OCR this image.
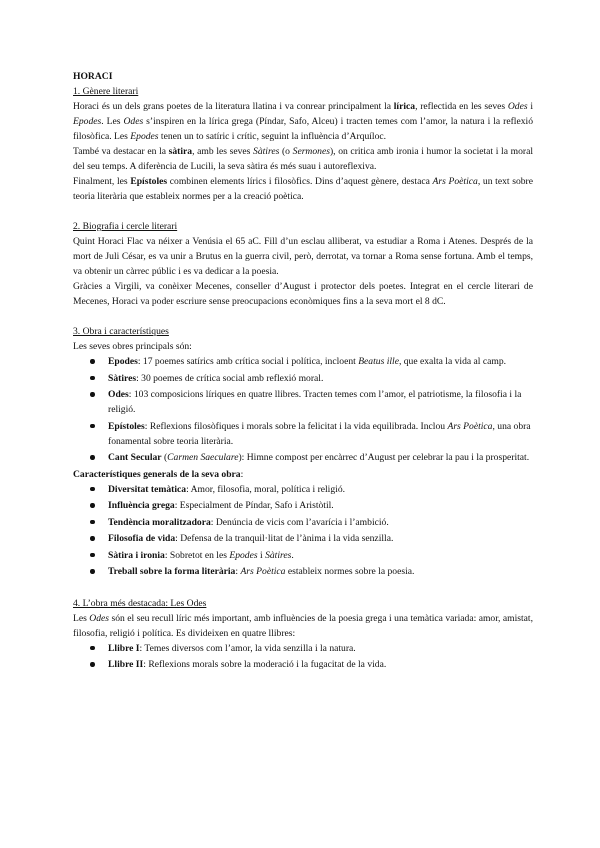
HORACI
1. Gènere literari

Horaci és un dels grans poetes de la literatura llatina i va conrear principalment la lírica, reflectida en les seves Odes i Epodes. Les Odes s’inspiren en la lírica grega (Píndar, Safo, Alceu) i tracten temes com l’amor, la natura i la reflexió filosòfica. Les Epodes tenen un to satíric i crític, seguint la influència d’Arquíloc.

També va destacar en la sàtira, amb les seves Sàtires (o Sermones), on critica amb ironia i humor la societat i la moral del seu temps. A diferència de Lucili, la seva sàtira és més suau i autoreflexiva.

Finalment, les Epístoles combinen elements lírics i filosòfics. Dins d’aquest gènere, destaca Ars Poètica, un text sobre teoria literària que estableix normes per a la creació poètica.

2. Biografia i cercle literari

Quint Horaci Flac va néixer a Venúsia el 65 aC. Fill d’un esclau alliberat, va estudiar a Roma i Atenes. Després de la mort de Juli César, es va unir a Brutus en la guerra civil, però, derrotat, va tornar a Roma sense fortuna. Amb el temps, va obtenir un càrrec públic i es va dedicar a la poesia.

Gràcies a Virgili, va conèixer Mecenes, conseller d’August i protector dels poetes. Integrat en el cercle literari de Mecenes, Horaci va poder escriure sense preocupacions econòmiques fins a la seva mort el 8 dC.

3. Obra i característiques

Les seves obres principals són:

Epodes: 17 poemes satírics amb crítica social i política, incloent Beatus ille, que exalta la vida al camp.
Sàtires: 30 poemes de crítica social amb reflexió moral.
Odes: 103 composicions líriques en quatre llibres. Tracten temes com l’amor, el patriotisme, la filosofia i la religió.
Epístoles: Reflexions filosòfiques i morals sobre la felicitat i la vida equilibrada. Inclou Ars Poètica, una obra fonamental sobre teoria literària.
Cant Secular (Carmen Saeculare): Himne compost per encàrrec d’August per celebrar la pau i la prosperitat.

Característiques generals de la seva obra:

Diversitat temàtica: Amor, filosofia, moral, política i religió.
Influència grega: Especialment de Píndar, Safo i Aristòtil.
Tendència moralitzadora: Denúncia de vicis com l’avarícia i l’ambició.
Filosofia de vida: Defensa de la tranquil·litat de l’ànima i la vida senzilla.
Sàtira i ironia: Sobretot en les Epodes i Sàtires.
Treball sobre la forma literària: Ars Poètica estableix normes sobre la poesia.
4. L’obra més destacada: Les Odes

Les Odes són el seu recull líric més important, amb influències de la poesia grega i una temàtica variada: amor, amistat, filosofia, religió i política. Es divideixen en quatre llibres:

Llibre I: Temes diversos com l’amor, la vida senzilla i la natura.
Llibre II: Reflexions morals sobre la moderació i la fugacitat de la vida.
